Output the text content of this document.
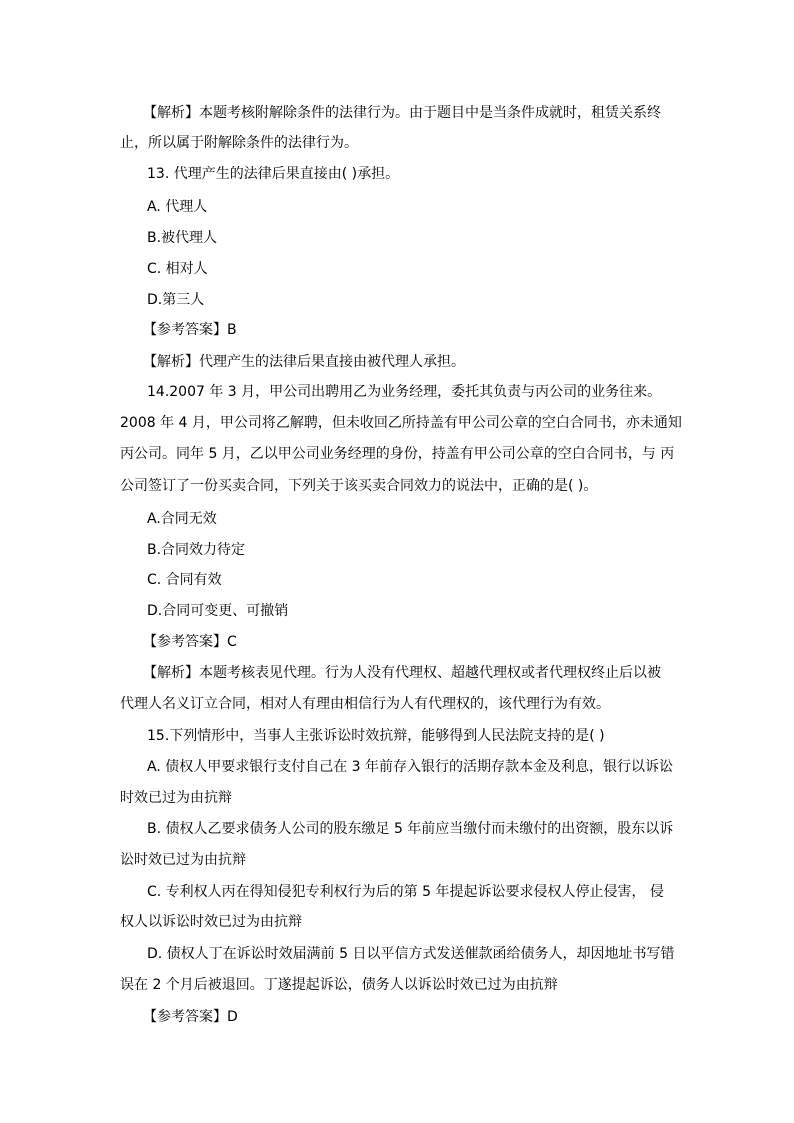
【解析】本题考核附解除条件的法律行为。由于题目中是当条件成就时，租赁关系终
止，所以属于附解除条件的法律行为。
13. 代理产生的法律后果直接由( )承担。
A. 代理人
B.被代理人
C. 相对人
D.第三人
【参考答案】B
【解析】代理产生的法律后果直接由被代理人承担。
14.2007 年 3 月，甲公司出聘用乙为业务经理，委托其负责与丙公司的业务往来。
2008 年 4 月，甲公司将乙解聘，但未收回乙所持盖有甲公司公章的空白合同书，亦未通知
丙公司。同年 5 月，乙以甲公司业务经理的身份，持盖有甲公司公章的空白合同书，与 丙
公司签订了一份买卖合同，下列关于该买卖合同效力的说法中，正确的是( )。
A.合同无效
B.合同效力待定
C. 合同有效
D.合同可变更、可撤销
【参考答案】C
【解析】本题考核表见代理。行为人没有代理权、超越代理权或者代理权终止后以被
代理人名义订立合同，相对人有理由相信行为人有代理权的，该代理行为有效。
15.下列情形中，当事人主张诉讼时效抗辩，能够得到人民法院支持的是( )
A. 债权人甲要求银行支付自己在 3 年前存入银行的活期存款本金及利息，银行以诉讼
时效已过为由抗辩
B. 债权人乙要求债务人公司的股东缴足 5 年前应当缴付而未缴付的出资额，股东以诉
讼时效已过为由抗辩
C. 专利权人丙在得知侵犯专利权行为后的第 5 年提起诉讼要求侵权人停止侵害， 侵
权人以诉讼时效已过为由抗辩
D. 债权人丁在诉讼时效届满前 5 日以平信方式发送催款函给债务人，却因地址书写错
误在 2 个月后被退回。丁遂提起诉讼，债务人以诉讼时效已过为由抗辩
【参考答案】D
